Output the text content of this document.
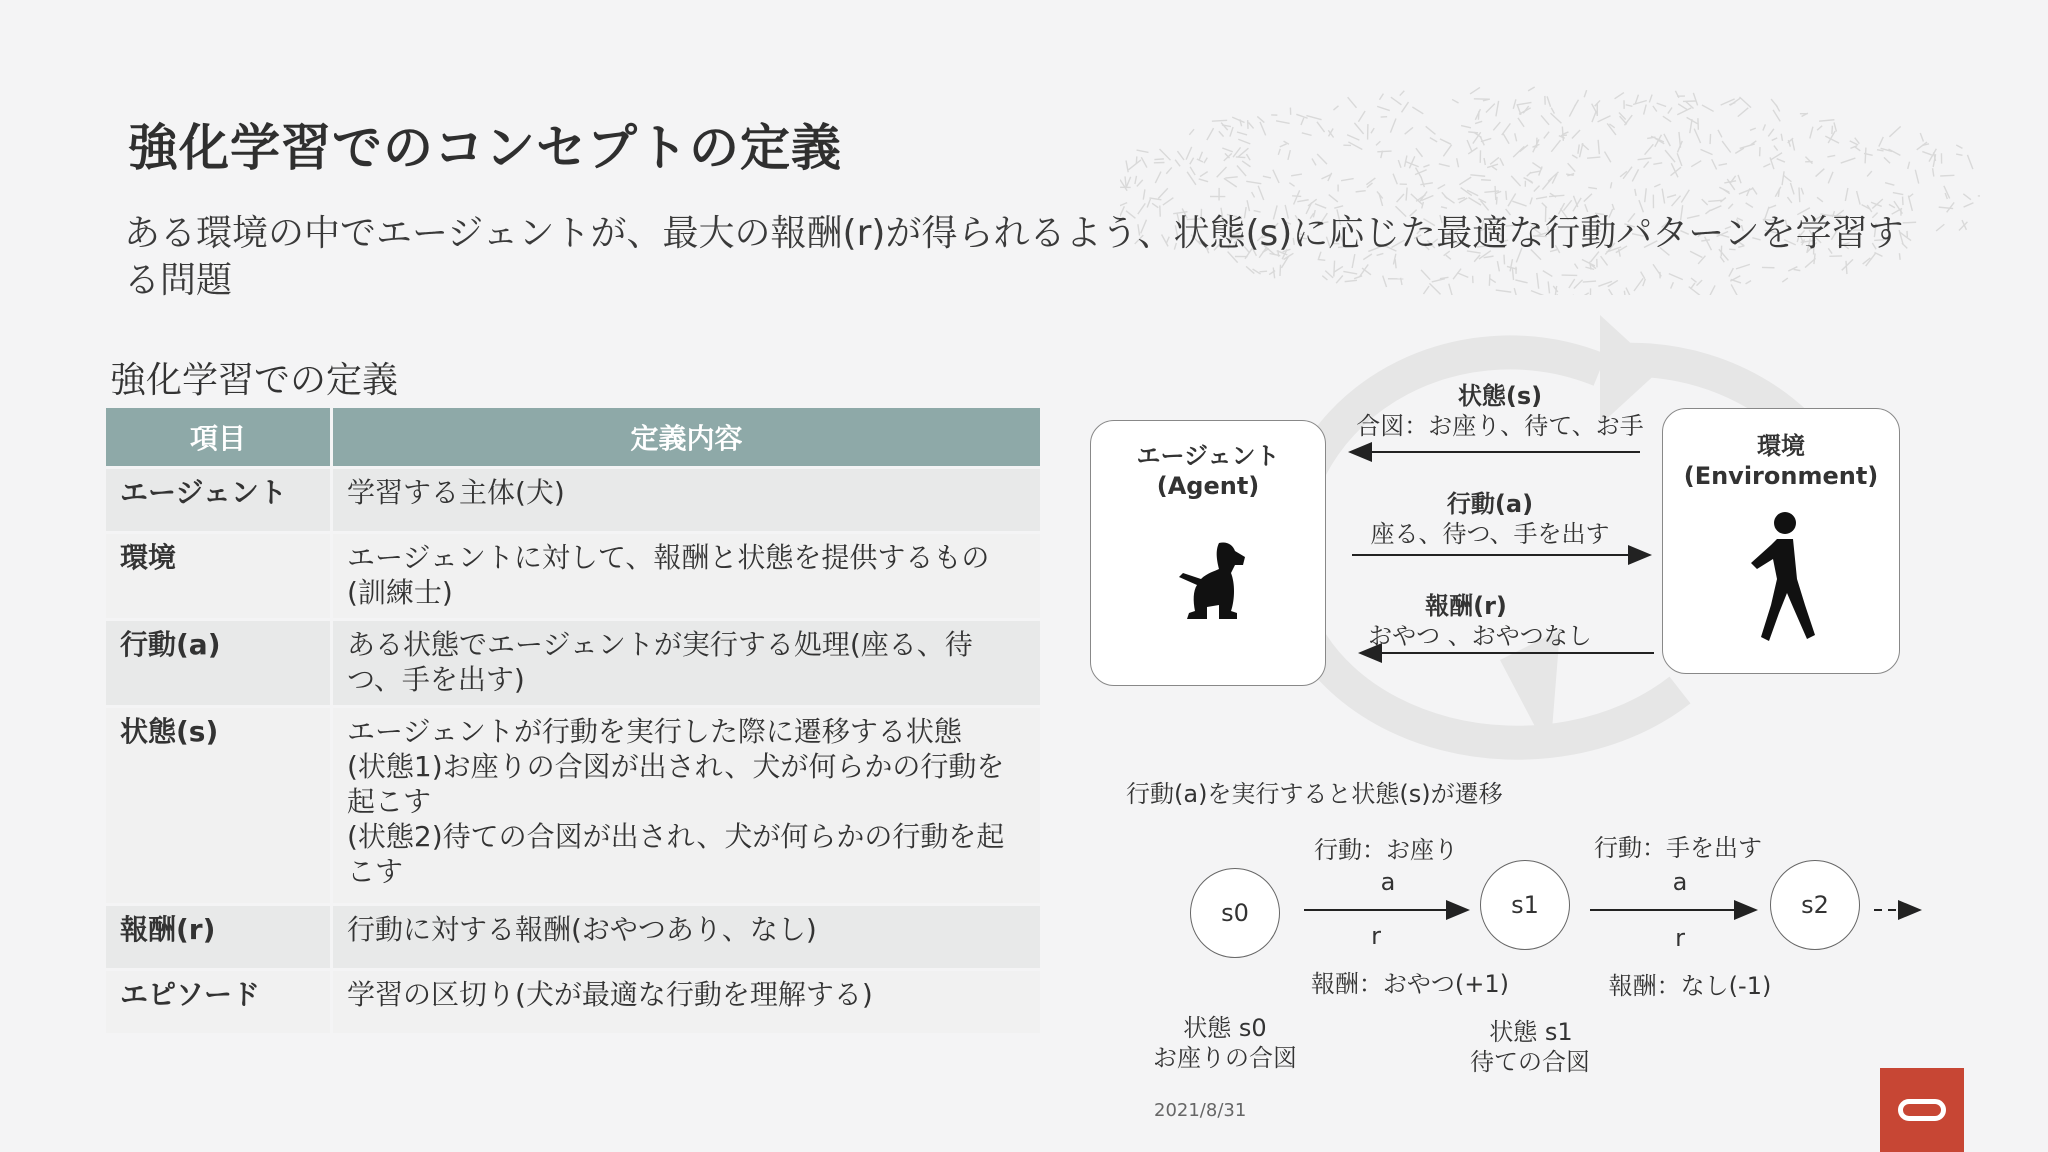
強化学習でのコンセプトの定義
ある環境の中でエージェントが、最大の報酬(r)が得られるよう、状態(s)に応じた最適な行動パターンを学習する問題
強化学習での定義
項目	定義内容
エージェント	学習する主体(犬)
環境	エージェントに対して、報酬と状態を提供するもの(訓練士)
行動(a)	ある状態でエージェントが実行する処理(座る、待つ、手を出す)
状態(s)	エージェントが行動を実行した際に遷移する状態
(状態1)お座りの合図が出され、犬が何らかの行動を起こす
(状態2)待ての合図が出され、犬が何らかの行動を起こす
報酬(r)	行動に対する報酬(おやつあり、なし)
エピソード	学習の区切り(犬が最適な行動を理解する)
エージェント
(Agent)
環境
(Environment)
状態(s)
合図：お座り、待て、お手
行動(a)
座る、待つ、手を出す
報酬(r)
おやつ 、おやつなし
行動(a)を実行すると状態(s)が遷移
s0	s1	s2
行動：お座り	行動：手を出す
a	a
r	r
報酬：おやつ(+1)	報酬：なし(-1)
状態 s0
お座りの合図
状態 s1
待ての合図
2021/8/31
